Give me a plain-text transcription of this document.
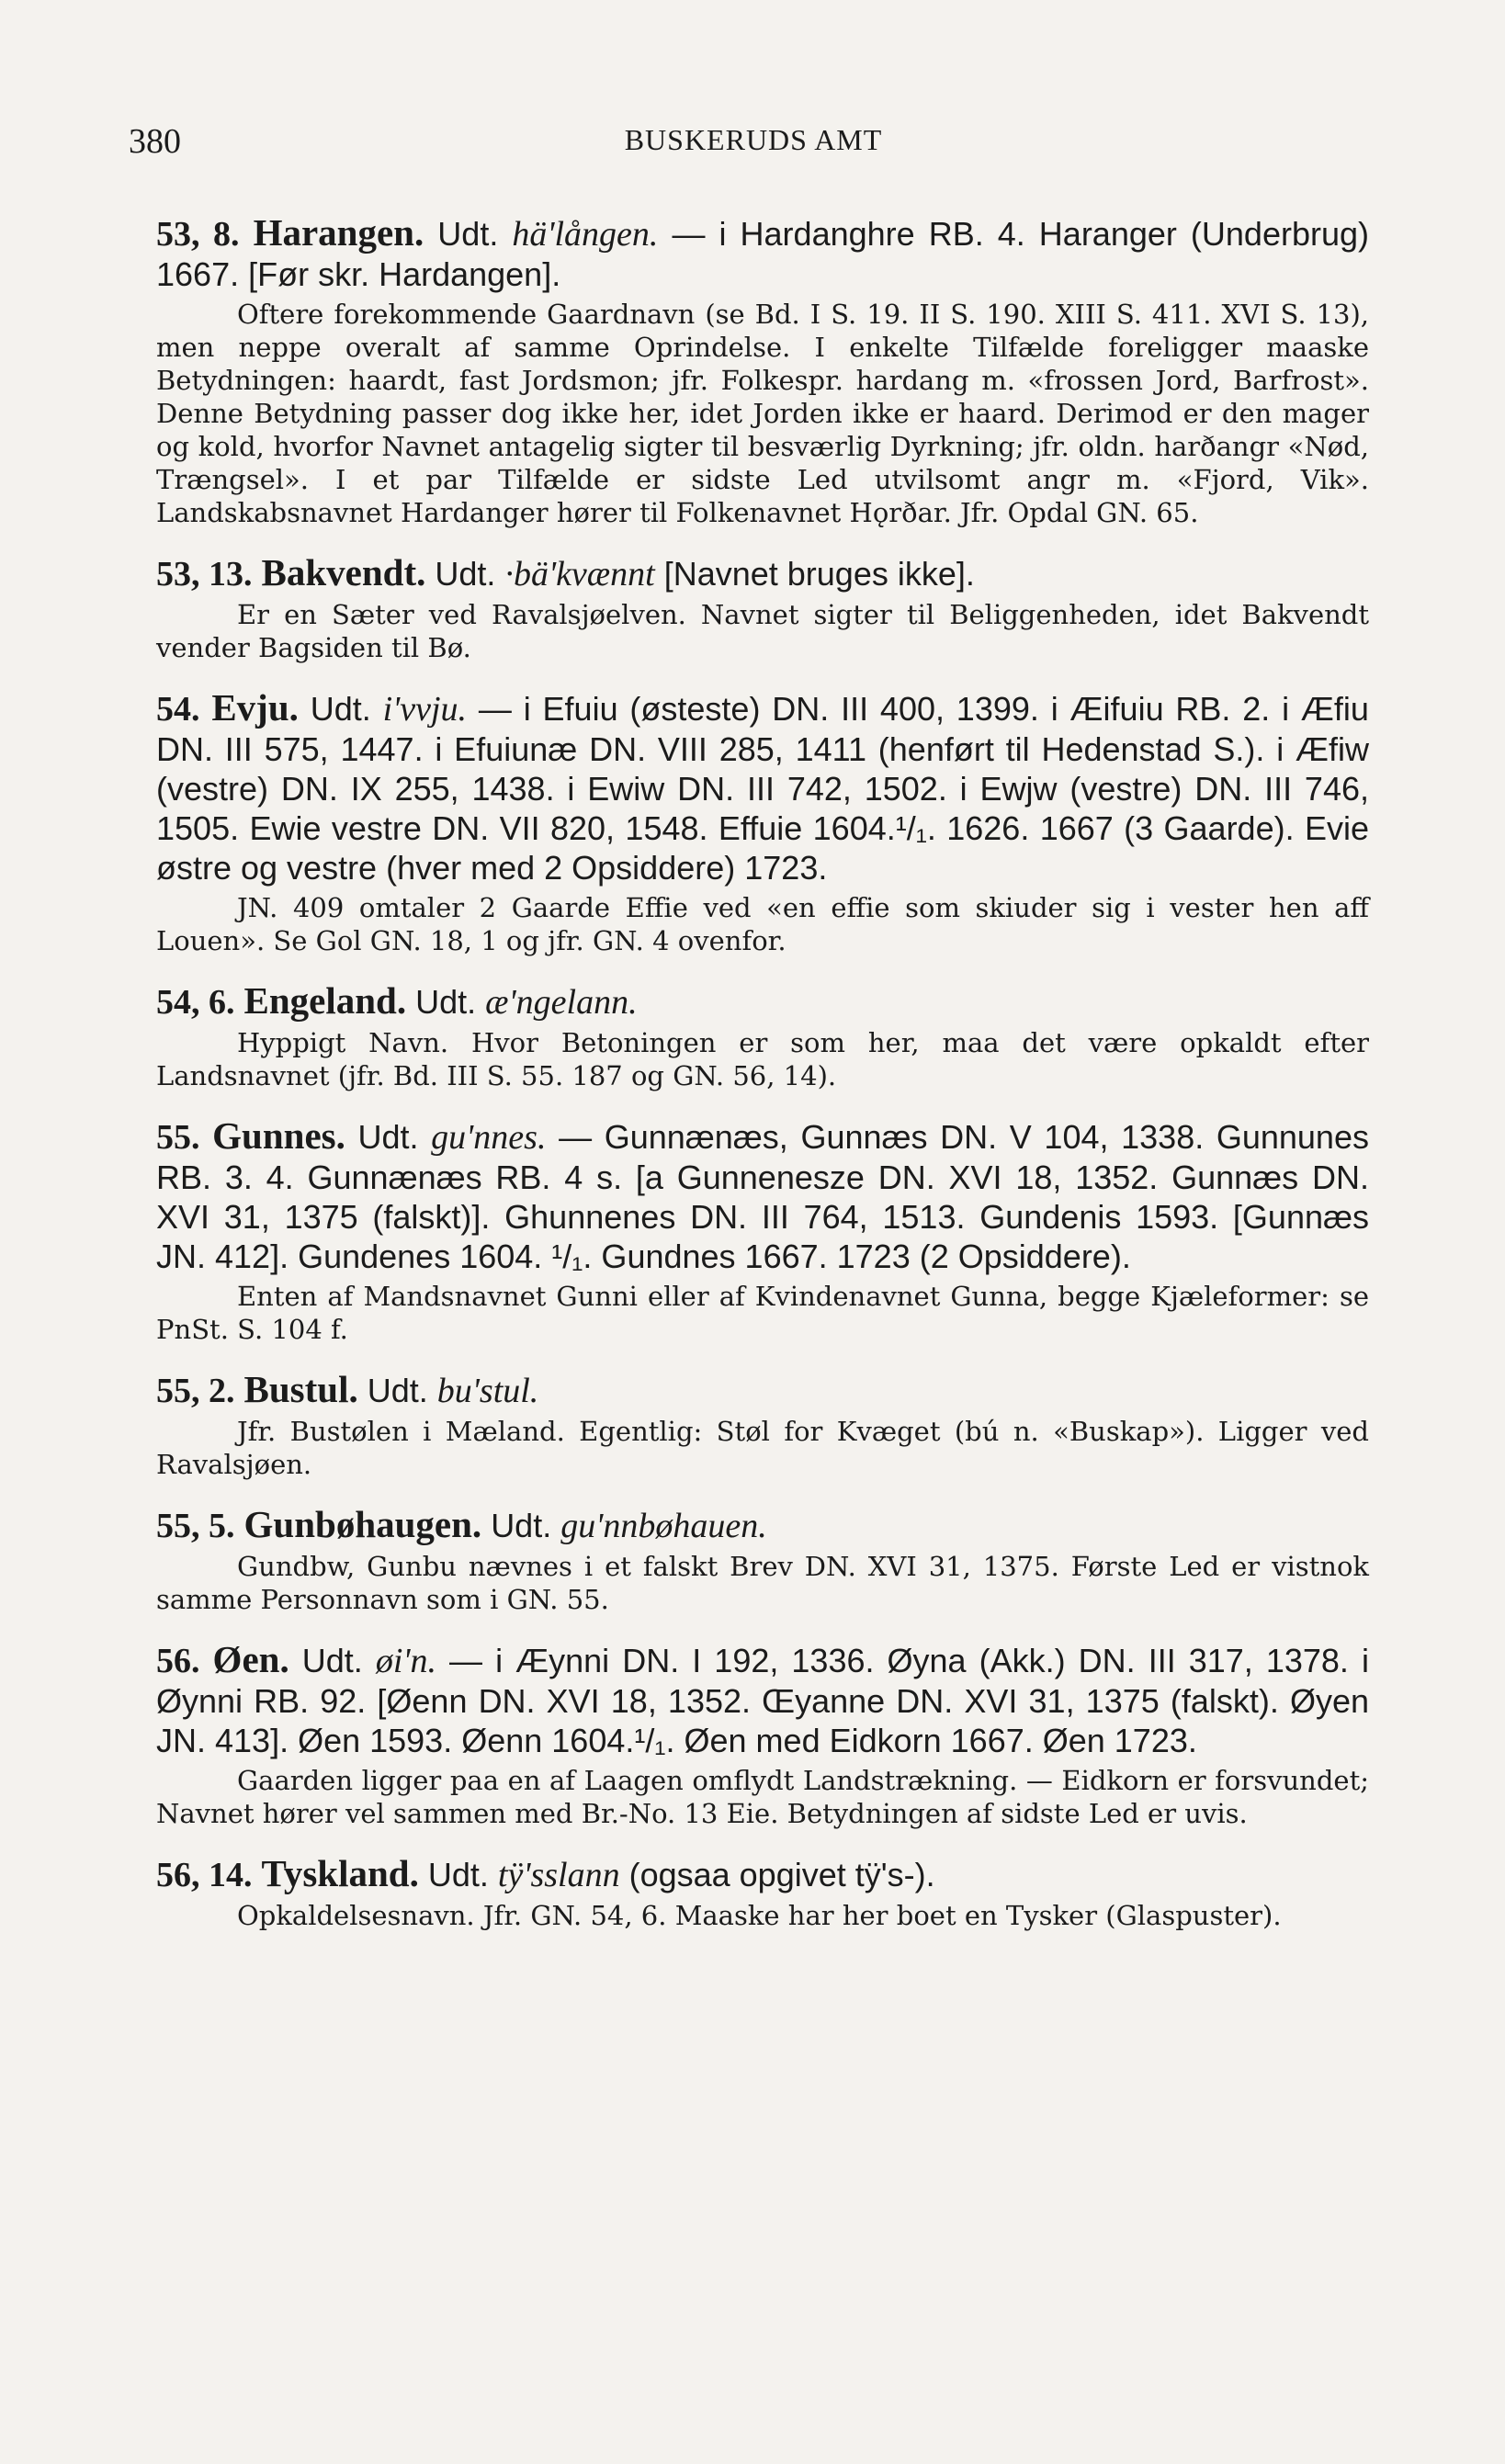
380	BUSKERUDS AMT

53, 8. Harangen. Udt. hä'lången. — i Hardanghre RB. 4. Haranger (Underbrug) 1667. [Før skr. Hardangen].

Oftere forekommende Gaardnavn (se Bd. I S. 19. II S. 190. XIII S. 411. XVI S. 13), men neppe overalt af samme Oprindelse. I enkelte Tilfælde foreligger maaske Betydningen: haardt, fast Jordsmon; jfr. Folkespr. hardang m. «frossen Jord, Barfrost». Denne Betydning passer dog ikke her, idet Jorden ikke er haard. Derimod er den mager og kold, hvorfor Navnet antagelig sigter til besværlig Dyrkning; jfr. oldn. harðangr «Nød, Trængsel». I et par Tilfælde er sidste Led utvilsomt angr m. «Fjord, Vik». Landskabsnavnet Hardanger hører til Folkenavnet Hǫrðar. Jfr. Opdal GN. 65.

53, 13. Bakvendt. Udt. ·bä'kvænnt [Navnet bruges ikke].

Er en Sæter ved Ravalsjøelven. Navnet sigter til Beliggenheden, idet Bakvendt vender Bagsiden til Bø.

54. Evju. Udt. i'vvju. — i Efuiu (østeste) DN. III 400, 1399. i Æifuiu RB. 2. i Æfiu DN. III 575, 1447. i Efuiunæ DN. VIII 285, 1411 (henført til Hedenstad S.). i Æfiw (vestre) DN. IX 255, 1438. i Ewiw DN. III 742, 1502. i Ewjw (vestre) DN. III 746, 1505. Ewie vestre DN. VII 820, 1548. Effuie 1604.¹/₁. 1626. 1667 (3 Gaarde). Evie østre og vestre (hver med 2 Opsiddere) 1723.

JN. 409 omtaler 2 Gaarde Effie ved «en effie som skiuder sig i vester hen aff Louen». Se Gol GN. 18, 1 og jfr. GN. 4 ovenfor.

54, 6. Engeland. Udt. æ'ngelann.

Hyppigt Navn. Hvor Betoningen er som her, maa det være opkaldt efter Landsnavnet (jfr. Bd. III S. 55. 187 og GN. 56, 14).

55. Gunnes. Udt. gu'nnes. — Gunnænæs, Gunnæs DN. V 104, 1338. Gunnunes RB. 3. 4. Gunnænæs RB. 4 s. [a Gunnenesze DN. XVI 18, 1352. Gunnæs DN. XVI 31, 1375 (falskt)]. Ghunnenes DN. III 764, 1513. Gundenis 1593. [Gunnæs JN. 412]. Gundenes 1604. ¹/₁. Gundnes 1667. 1723 (2 Opsiddere).

Enten af Mandsnavnet Gunni eller af Kvindenavnet Gunna, begge Kjæleformer: se PnSt. S. 104 f.

55, 2. Bustul. Udt. bu'stul.

Jfr. Bustølen i Mæland. Egentlig: Støl for Kvæget (bú n. «Buskap»). Ligger ved Ravalsjøen.

55, 5. Gunbøhaugen. Udt. gu'nnbøhauen.

Gundbw, Gunbu nævnes i et falskt Brev DN. XVI 31, 1375. Første Led er vistnok samme Personnavn som i GN. 55.

56. Øen. Udt. øi'n. — i Æynni DN. I 192, 1336. Øyna (Akk.) DN. III 317, 1378. i Øynni RB. 92. [Øenn DN. XVI 18, 1352. Œyanne DN. XVI 31, 1375 (falskt). Øyen JN. 413]. Øen 1593. Øenn 1604.¹/₁. Øen med Eidkorn 1667. Øen 1723.

Gaarden ligger paa en af Laagen omflydt Landstrækning. — Eidkorn er forsvundet; Navnet hører vel sammen med Br.-No. 13 Eie. Betydningen af sidste Led er uvis.

56, 14. Tyskland. Udt. tÿ'sslann (ogsaa opgivet tÿ's-).

Opkaldelsesnavn. Jfr. GN. 54, 6. Maaske har her boet en Tysker (Glaspuster).
